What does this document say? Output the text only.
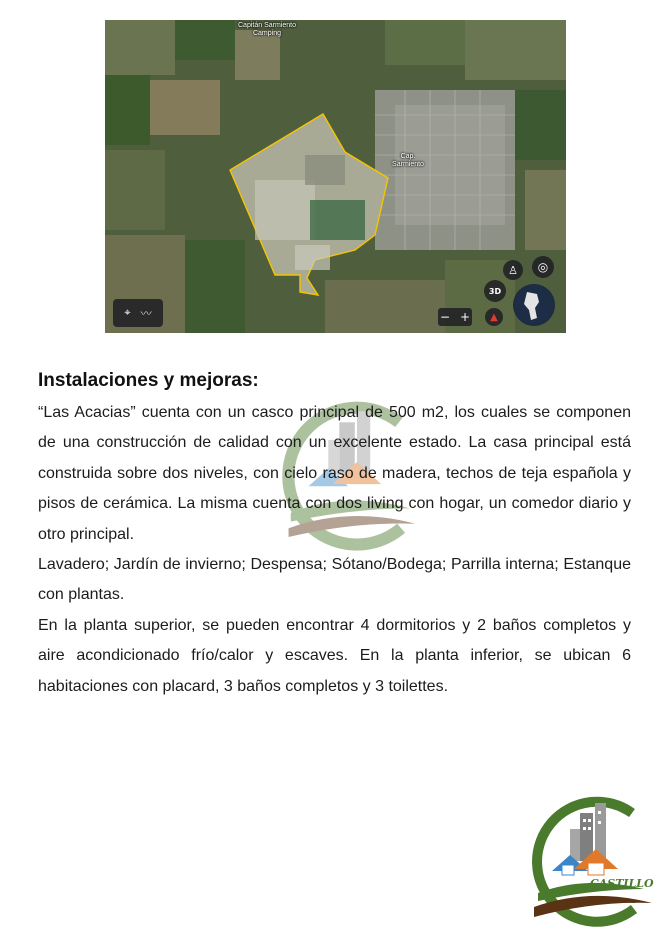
Capitán Sarmiento
Camping
Cap.
Sarmiento
⌖ 〰
♙	◎
3D
− +	▲
Instalaciones y mejoras:

“Las Acacias” cuenta con un casco principal de 500 m2, los cuales se componen de una construcción de calidad con un excelente estado. La casa principal está construida sobre dos niveles, con cielo raso de madera, techos de teja española y pisos de cerámica. La misma cuenta con dos living con hogar, un comedor diario y otro principal.

Lavadero; Jardín de invierno; Despensa; Sótano/Bodega; Parrilla interna; Estanque con plantas.

En la planta superior, se pueden encontrar 4 dormitorios y 2 baños completos y aire acondicionado frío/calor y escaves. En la planta inferior, se ubican 6 habitaciones con placard, 3 baños completos y 3 toilettes.

CASTILLO
